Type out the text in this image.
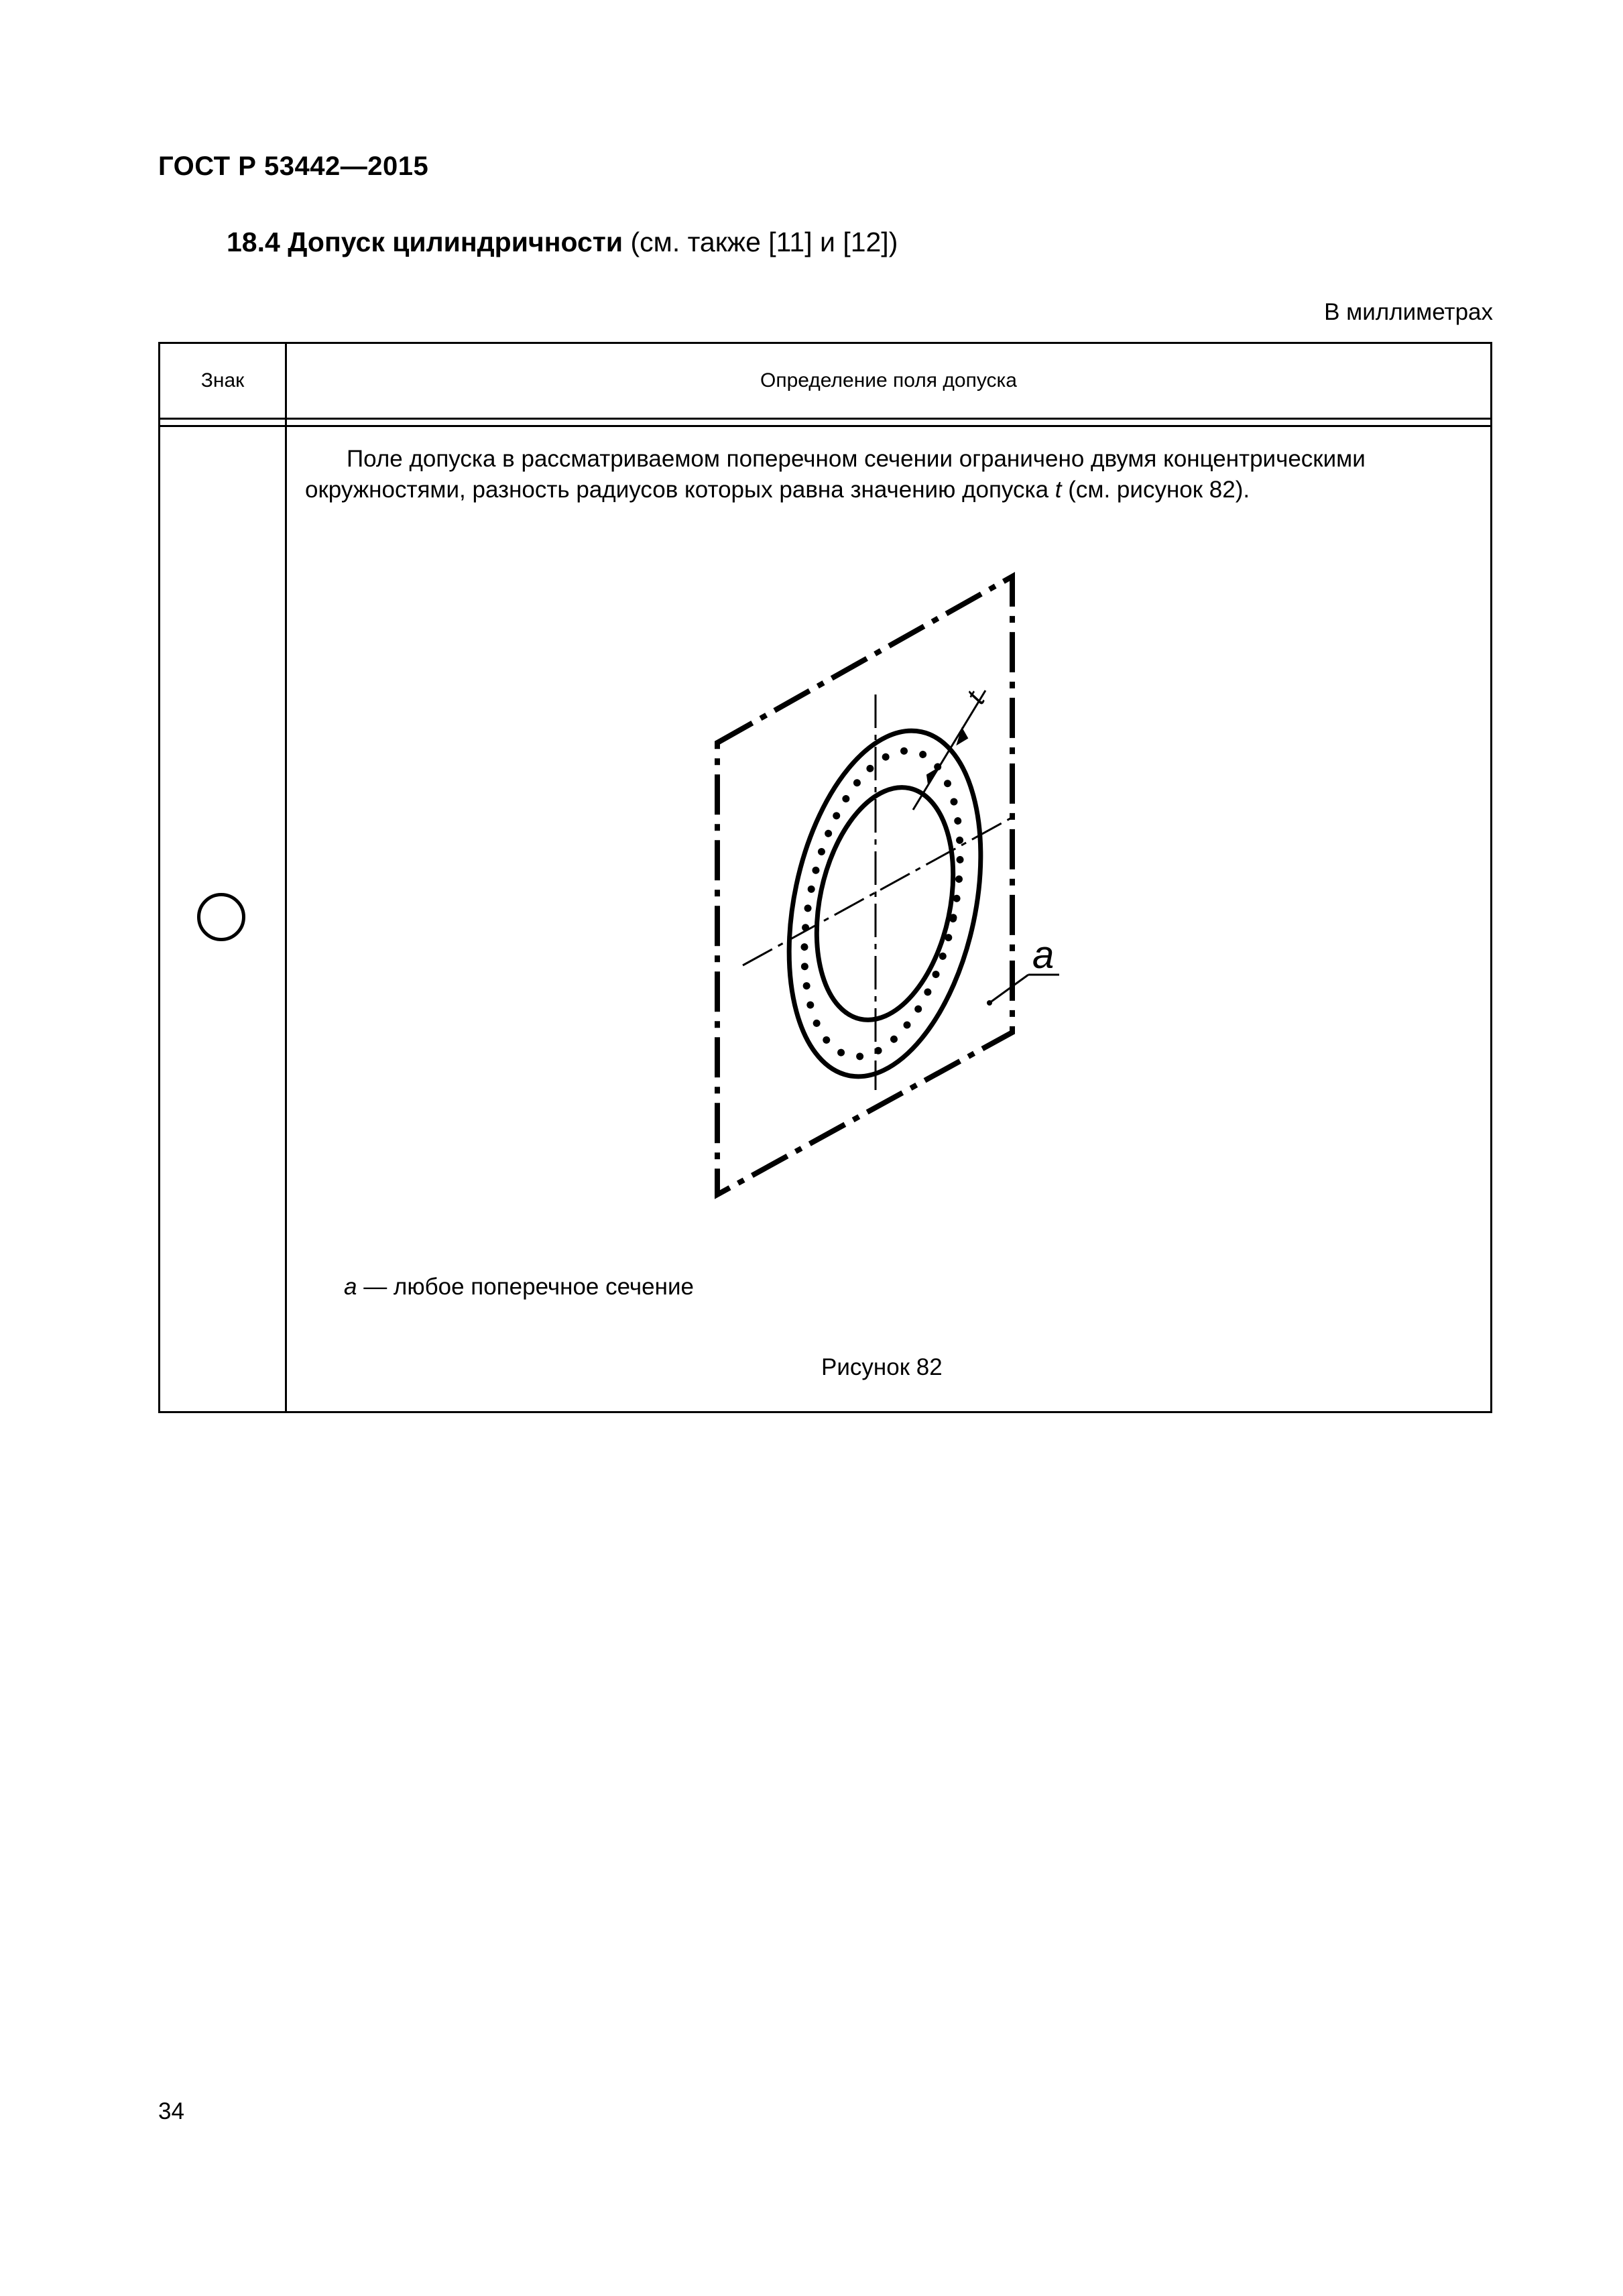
ГОСТ Р 53442—2015
18.4 Допуск цилиндричности (см. также [11] и [12])
В миллиметрах
Знак	Определение поля допуска
Поле допуска в рассматриваемом поперечном сечении ограничено двумя концентрическими окружностями, разность радиусов которых равна значению допуска t (см. рисунок 82).
t
a
a — любое поперечное сечение
Рисунок 82
34
